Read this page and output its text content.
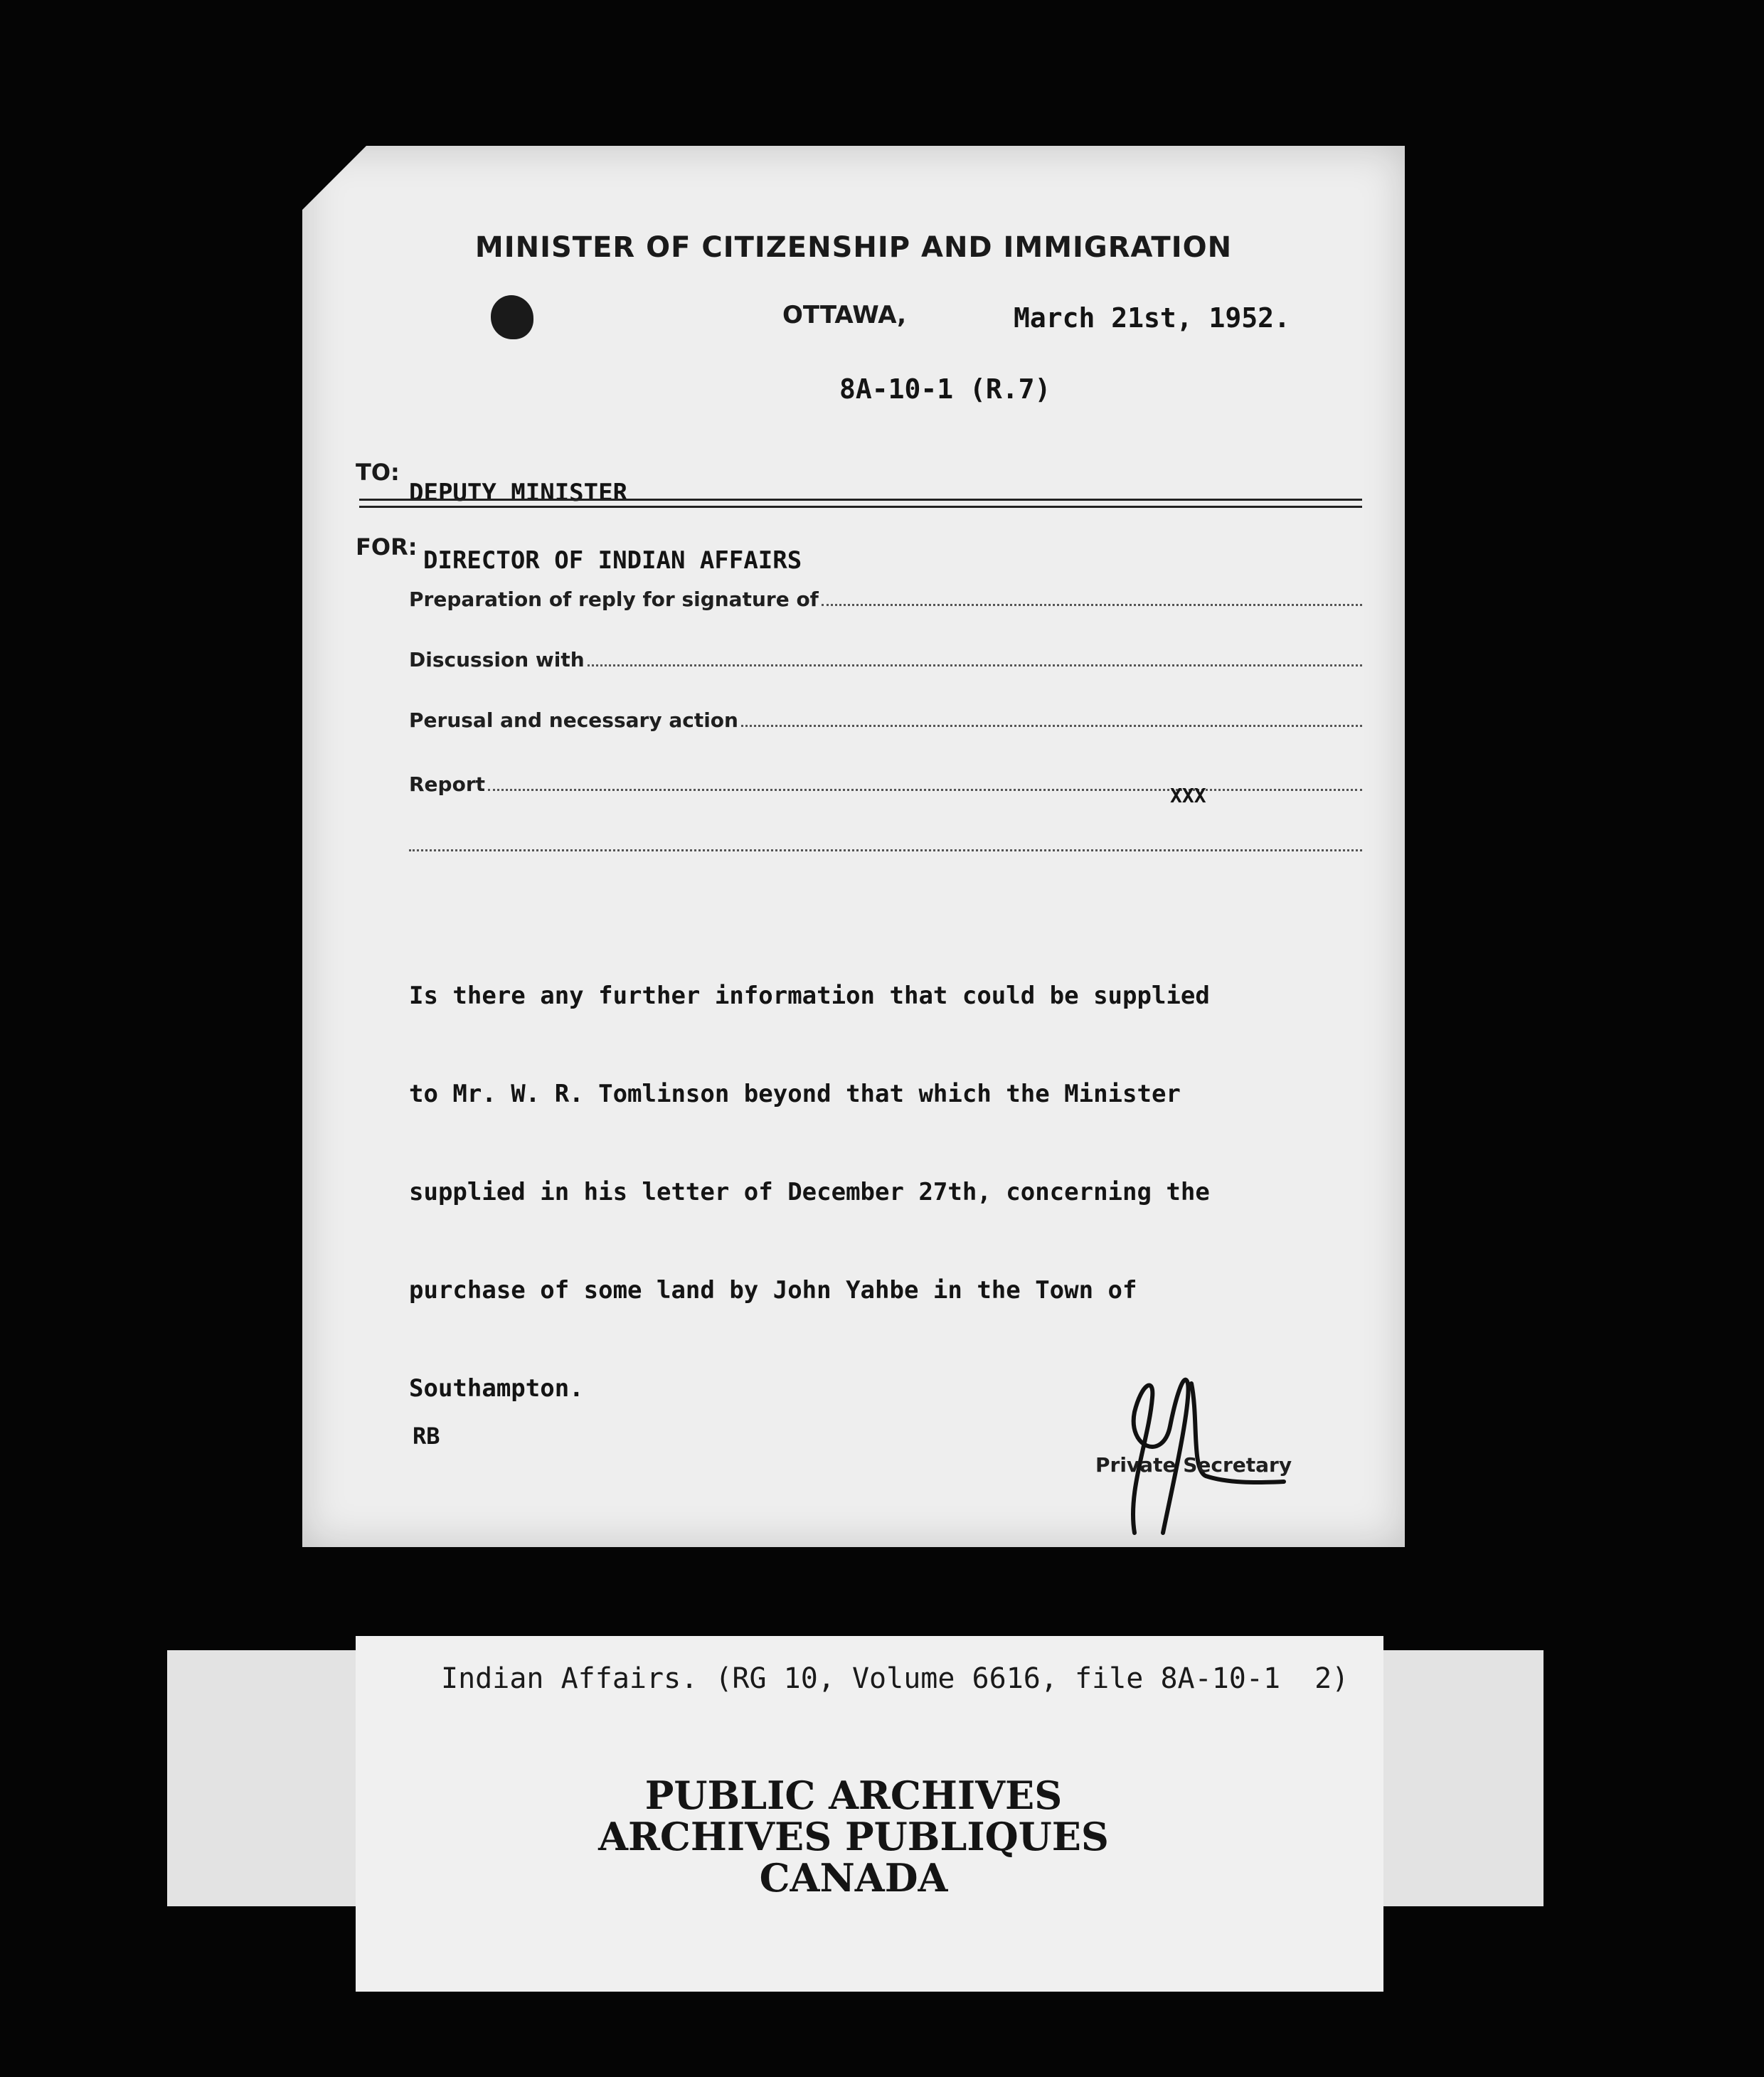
MINISTER OF CITIZENSHIP AND IMMIGRATION
OTTAWA,	March 21st, 1952.
8A-10-1 (R.7)
TO:
DEPUTY MINISTER
FOR: DIRECTOR OF INDIAN AFFAIRS
Preparation of reply for signature of
Discussion with
Perusal and necessary action
Report	XXX

Is there any further information that could be supplied

to Mr. W. R. Tomlinson beyond that which the Minister

supplied in his letter of December 27th, concerning the

purchase of some land by John Yahbe in the Town of

Southampton.

RB
Private Secretary
Indian Affairs. (RG 10, Volume 6616, file 8A-10-1  2)
PUBLIC ARCHIVES
ARCHIVES PUBLIQUES
CANADA
